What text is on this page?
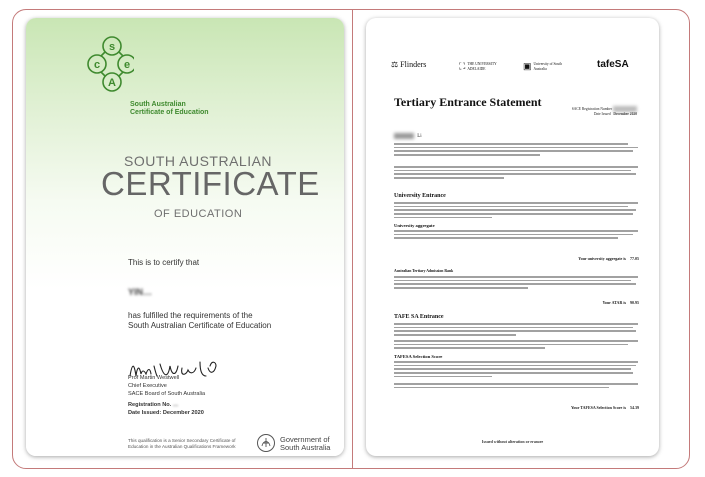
s
c e
A
South Australian
Certificate of Education
SOUTH AUSTRALIAN
CERTIFICATE
OF EDUCATION
This is to certify that
YIN…
has fulfilled the requirements of the
South Australian Certificate of Education
Prof Martin Westwell
Chief Executive
SACE Board of South Australia
Registration No. …
Date Issued: December 2020
This qualification is a Senior Secondary Certificate of
Education in the Australian Qualifications Framework
Government of
South Australia
⚖ Flinders	⛶ THE UNIVERSITY ADELAIDE	▣ University of South Australia	tafeSA
Tertiary Entrance Statement	SACE Registration Number
Date Issued December 2020
Li
University Entrance
University aggregate
Your university aggregate is 77.05
Australian Tertiary Admission Rank
Your ATAR is 90.95
TAFE SA Entrance
TAFESA Selection Score
Your TAFESA Selection Score is 54.39
Issued without alteration or erasure
